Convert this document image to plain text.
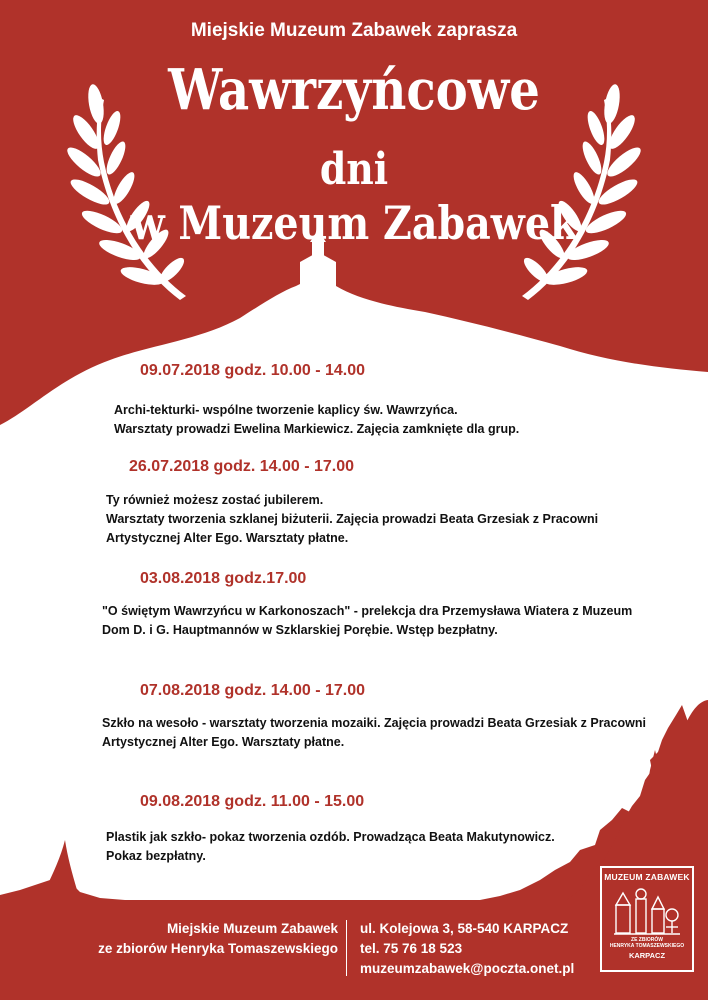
Miejskie Muzeum Zabawek zaprasza

Wawrzyńcowe
dni
w Muzeum Zabawek
09.07.2018 godz. 10.00 - 14.00
Archi-tekturki- wspólne tworzenie kaplicy św. Wawrzyńca.
Warsztaty prowadzi Ewelina Markiewicz. Zajęcia zamknięte dla grup.
26.07.2018 godz. 14.00 - 17.00
Ty również możesz zostać jubilerem.
Warsztaty tworzenia szklanej biżuterii. Zajęcia prowadzi Beata Grzesiak z Pracowni
Artystycznej Alter Ego. Warsztaty płatne.
03.08.2018 godz.17.00
"O świętym Wawrzyńcu w Karkonoszach" - prelekcja dra Przemysława Wiatera z Muzeum
Dom D. i G. Hauptmannów w Szklarskiej Porębie. Wstęp bezpłatny.
07.08.2018 godz. 14.00 - 17.00
Szkło na wesoło - warsztaty tworzenia mozaiki. Zajęcia prowadzi Beata Grzesiak z Pracowni
Artystycznej Alter Ego. Warsztaty płatne.
09.08.2018 godz. 11.00 - 15.00
Plastik jak szkło- pokaz tworzenia ozdób. Prowadząca Beata Makutynowicz.
Pokaz bezpłatny.
Miejskie Muzeum Zabawek
ze zbiorów Henryka Tomaszewskiego
ul. Kolejowa 3, 58-540 KARPACZ
tel. 75 76 18 523
muzeumzabawek@poczta.onet.pl
MUZEUM ZABAWEK
ZE ZBIORÓW
HENRYKA TOMASZEWSKIEGO
KARPACZ
